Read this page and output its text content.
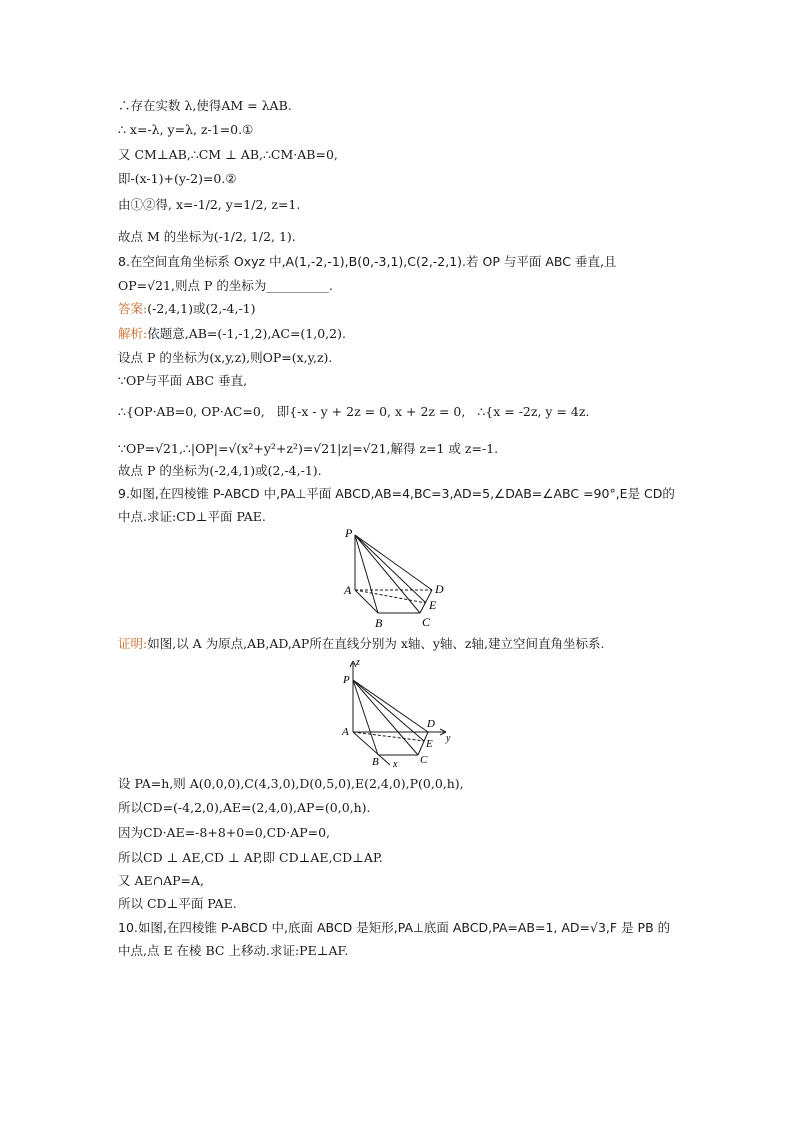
∴存在实数 λ,使得AM = λAB.
∴ x=-λ, y=λ, z-1=0.①
又 CM⊥AB,∴CM ⊥ AB,∴CM·AB=0,
即-(x-1)+(y-2)=0.②
由①②得, x=-1/2, y=1/2, z=1.
故点 M 的坐标为(-1/2, 1/2, 1).
8.在空间直角坐标系 Oxyz 中,A(1,-2,-1),B(0,-3,1),C(2,-2,1).若 OP 与平面 ABC 垂直,且
OP=√21,则点 P 的坐标为__________.
答案:(-2,4,1)或(2,-4,-1)
解析:依题意,AB=(-1,-1,2),AC=(1,0,2).
设点 P 的坐标为(x,y,z),则OP=(x,y,z).
∵OP与平面 ABC 垂直,
∴{OP·AB=0, OP·AC=0, 即{-x - y + 2z = 0, x + 2z = 0, ∴{x = -2z, y = 4z.
∵OP=√21,∴|OP|=√(x²+y²+z²)=√21|z|=√21,解得 z=1 或 z=-1.
故点 P 的坐标为(-2,4,1)或(2,-4,-1).
9.如图,在四棱锥 P-ABCD 中,PA⊥平面 ABCD,AB=4,BC=3,AD=5,∠DAB=∠ABC =90°,E是 CD的
中点.求证:CD⊥平面 PAE.
证明:如图,以 A 为原点,AB,AD,AP所在直线分别为 x轴、y轴、z轴,建立空间直角坐标系.
设 PA=h,则 A(0,0,0),C(4,3,0),D(0,5,0),E(2,4,0),P(0,0,h),
所以CD=(-4,2,0),AE=(2,4,0),AP=(0,0,h).
因为CD·AE=-8+8+0=0,CD·AP=0,
所以CD ⊥ AE,CD ⊥ AP,即 CD⊥AE,CD⊥AP.
又 AE∩AP=A,
所以 CD⊥平面 PAE.
10.如图,在四棱锥 P-ABCD 中,底面 ABCD 是矩形,PA⊥底面 ABCD,PA=AB=1, AD=√3,F 是 PB 的
中点,点 E 在棱 BC 上移动.求证:PE⊥AF.
P
A
B	C
D
E
z
P
A
B	C
D
E y
x
